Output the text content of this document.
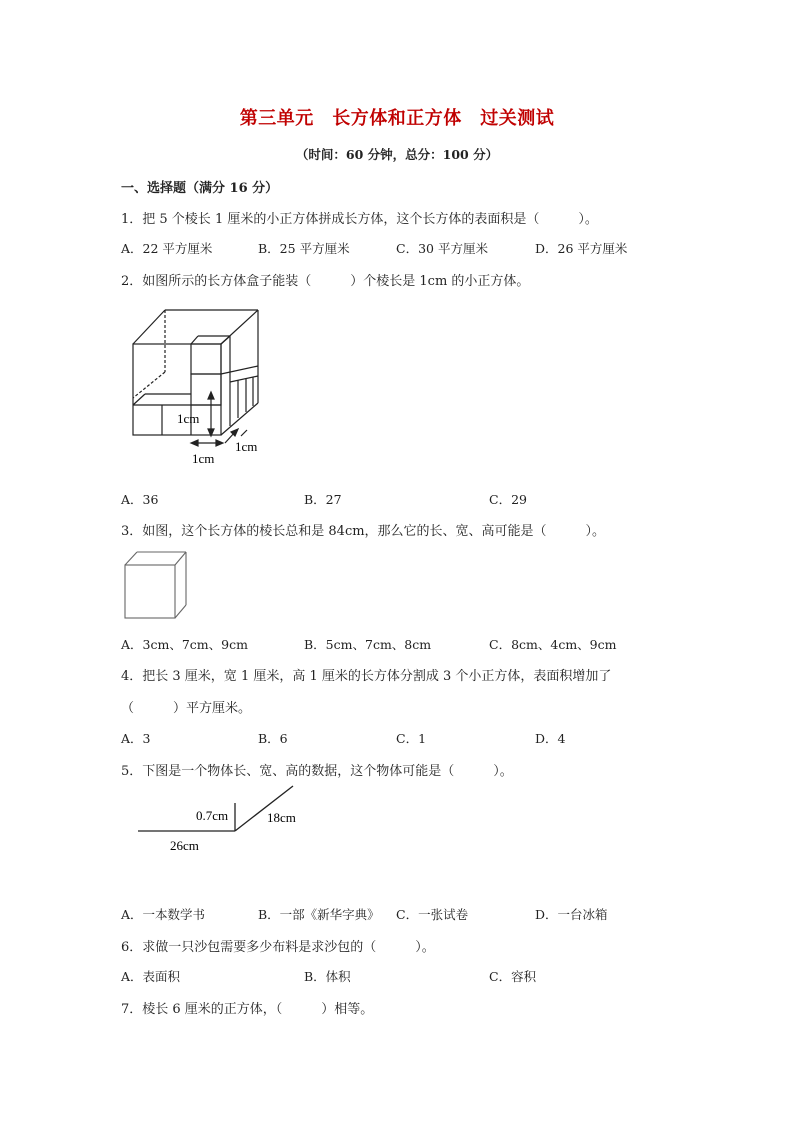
第三单元　长方体和正方体　过关测试
（时间：60 分钟，总分：100 分）
一、选择题（满分 16 分）
1．把 5 个棱长 1 厘米的小正方体拼成长方体，这个长方体的表面积是（　　　）。
A．22 平方厘米	B．25 平方厘米	C．30 平方厘米	D．26 平方厘米
2．如图所示的长方体盒子能装（　　　）个棱长是 1cm 的小正方体。
1cm
1cm
1cm
A．36	B．27	C．29
3．如图，这个长方体的棱长总和是 84cm，那么它的长、宽、高可能是（　　　）。
A．3cm、7cm、9cm	B．5cm、7cm、8cm	C．8cm、4cm、9cm
4．把长 3 厘米，宽 1 厘米，高 1 厘米的长方体分割成 3 个小正方体，表面积增加了
（　　　）平方厘米。
A．3	B．6	C．1	D．4
5．下图是一个物体长、宽、高的数据，这个物体可能是（　　　）。
0.7cm	18cm
26cm
A．一本数学书	B．一部《新华字典》 C．一张试卷	D．一台冰箱
6．求做一只沙包需要多少布料是求沙包的（　　　）。
A．表面积	B．体积	C．容积
7．棱长 6 厘米的正方体，（　　　）相等。
